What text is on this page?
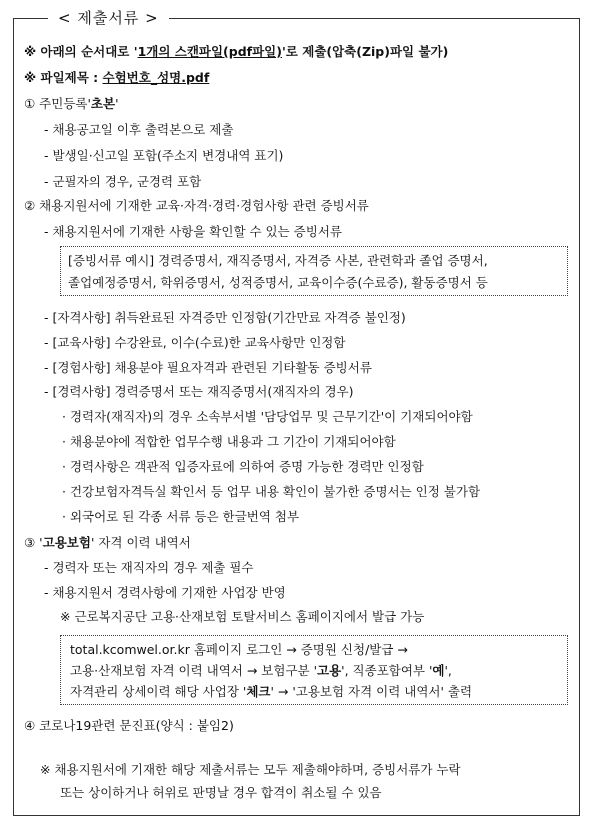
< 제출서류 >
※ 아래의 순서대로 '1개의 스캔파일(pdf파일)'로 제출(압축(Zip)파일 불가)
※ 파일제목 : 수험번호_성명.pdf
① 주민등록'초본'
- 채용공고일 이후 출력본으로 제출
- 발생일·신고일 포함(주소지 변경내역 표기)
- 군필자의 경우, 군경력 포함
② 채용지원서에 기재한 교육·자격·경력·경험사항 관련 증빙서류
- 채용지원서에 기재한 사항을 확인할 수 있는 증빙서류
[증빙서류 예시] 경력증명서, 재직증명서, 자격증 사본, 관련학과 졸업 증명서,
졸업예정증명서, 학위증명서, 성적증명서, 교육이수증(수료증), 활동증명서 등
- [자격사항] 취득완료된 자격증만 인정함(기간만료 자격증 불인정)
- [교육사항] 수강완료, 이수(수료)한 교육사항만 인정함
- [경험사항] 채용분야 필요자격과 관련된 기타활동 증빙서류
- [경력사항] 경력증명서 또는 재직증명서(재직자의 경우)
· 경력자(재직자)의 경우 소속부서별 '담당업무 및 근무기간'이 기재되어야함
· 채용분야에 적합한 업무수행 내용과 그 기간이 기재되어야함
· 경력사항은 객관적 입증자료에 의하여 증명 가능한 경력만 인정함
· 건강보험자격득실 확인서 등 업무 내용 확인이 불가한 증명서는 인정 불가함
· 외국어로 된 각종 서류 등은 한글번역 첨부
③ '고용보험' 자격 이력 내역서
- 경력자 또는 재직자의 경우 제출 필수
- 채용지원서 경력사항에 기재한 사업장 반영
※ 근로복지공단 고용·산재보험 토탈서비스 홈페이지에서 발급 가능
total.kcomwel.or.kr 홈페이지 로그인 → 증명원 신청/발급 →
고용·산재보험 자격 이력 내역서 → 보험구분 '고용', 직종포함여부 '예',
자격관리 상세이력 해당 사업장 '체크' → '고용보험 자격 이력 내역서' 출력
④ 코로나19관련 문진표(양식 : 붙임2)
※ 채용지원서에 기재한 해당 제출서류는 모두 제출해야하며, 증빙서류가 누락
또는 상이하거나 허위로 판명날 경우 합격이 취소될 수 있음
